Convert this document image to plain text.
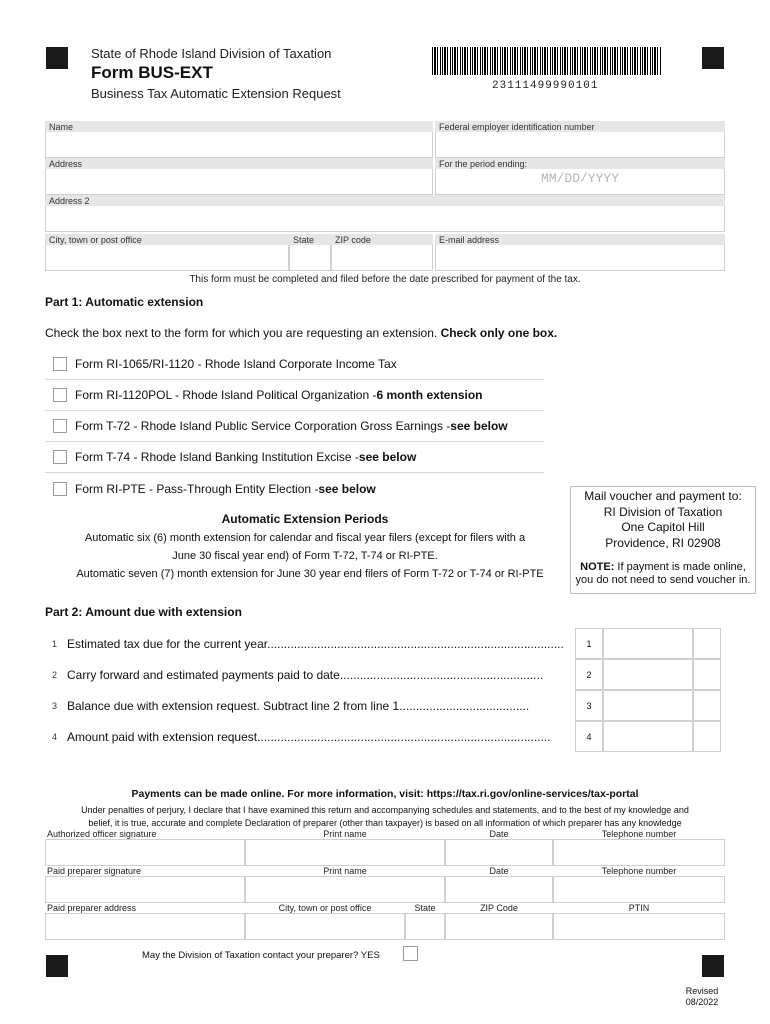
State of Rhode Island Division of Taxation
Form BUS-EXT
Business Tax Automatic Extension Request	23111499990101
Name	Federal employer identification number
Address	For the period ending:
MM/DD/YYYY
Address 2
City, town or post office	State	ZIP code	E-mail address
This form must be completed and filed before the date prescribed for payment of the tax.
Part 1: Automatic extension
Check the box next to the form for which you are requesting an extension. Check only one box.
Form RI-1065/RI-1120 - Rhode Island Corporate Income Tax
Form RI-1120POL - Rhode Island Political Organization - 6 month extension
Form T-72 - Rhode Island Public Service Corporation Gross Earnings - see below
Form T-74 - Rhode Island Banking Institution Excise - see below
Form RI-PTE - Pass-Through Entity Election - see below
Automatic Extension Periods
Automatic six (6) month extension for calendar and fiscal year filers (except for filers with a
June 30 fiscal year end) of Form T-72, T-74 or RI-PTE.
Automatic seven (7) month extension for June 30 year end filers of Form T-72 or T-74 or RI-PTE
Mail voucher and payment to:
RI Division of Taxation
One Capitol Hill
Providence, RI 02908
NOTE: If payment is made online,
you do not need to send voucher in.
Part 2: Amount due with extension
1 Estimated tax due for the current year.........................................................................................	1
2 Carry forward and estimated payments paid to date.............................................................	2
3 Balance due with extension request. Subtract line 2 from line 1.......................................	3
4 Amount paid with extension request........................................................................................	4
Payments can be made online. For more information, visit: https://tax.ri.gov/online-services/tax-portal
Under penalties of perjury, I declare that I have examined this return and accompanying schedules and statements, and to the best of my knowledge and
belief, it is true, accurate and complete Declaration of preparer (other than taxpayer) is based on all information of which preparer has any knowledge
Authorized officer signature	Print name	Date	Telephone number
Paid preparer signature	Print name	Date	Telephone number
Paid preparer address	City, town or post office	State	ZIP Code	PTIN
May the Division of Taxation contact your preparer? YES
Revised
08/2022
